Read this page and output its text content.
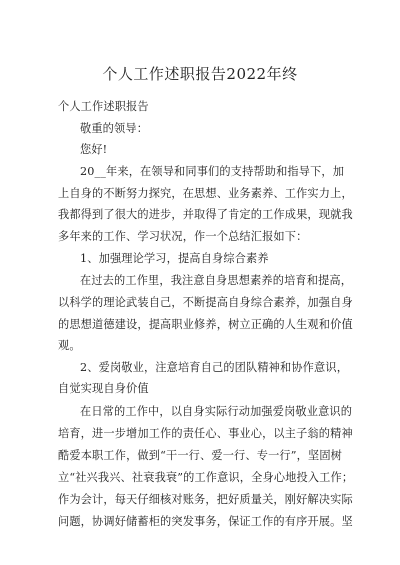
个人工作述职报告2022年终
个人工作述职报告
敬重的领导：
您好!
20__年来，在领导和同事们的支持帮助和指导下，加
上自身的不断努力探究，在思想、业务素养、工作实力上，
我都得到了很大的进步，并取得了肯定的工作成果，现就我
多年来的工作、学习状况，作一个总结汇报如下：
1、加强理论学习，提高自身综合素养
在过去的工作里，我注意自身思想素养的培育和提高，
以科学的理论武装自己，不断提高自身综合素养，加强自身
的思想道德建设，提高职业修养，树立正确的人生观和价值
观。
2、爱岗敬业，注意培育自己的团队精神和协作意识，
自觉实现自身价值
在日常的工作中，以自身实际行动加强爱岗敬业意识的
培育，进一步增加工作的责任心、事业心，以主子翁的精神
酷爱本职工作，做到“干一行、爱一行、专一行”，坚固树
立“社兴我兴、社衰我衰”的工作意识，全身心地投入工作；
作为会计，每天仔细核对账务，把好质量关，刚好解决实际
问题，协调好储蓄柜的突发事务，保证工作的有序开展。坚
